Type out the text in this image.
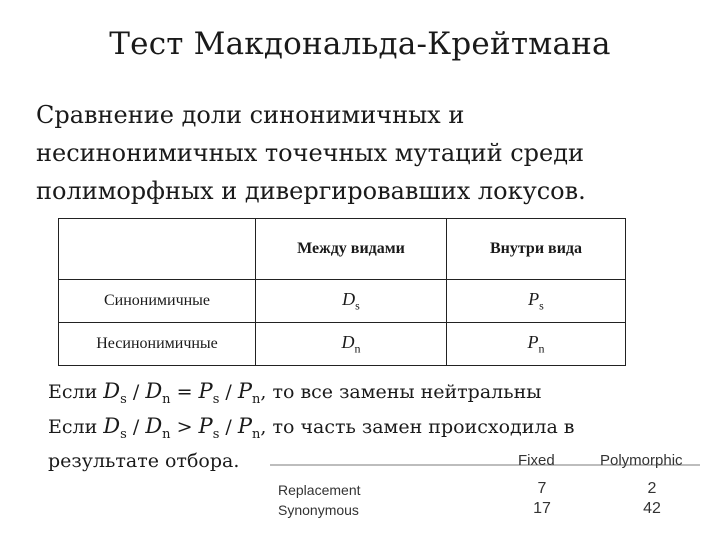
Тест Макдональда-Крейтмана
Сравнение доли синонимичных и
несинонимичных точечных мутаций среди
полиморфных и дивергировавших локусов.
	Между видами	Внутри вида
Синонимичные	$D_s$	$P_s$
Несинонимичные	$D_n$	$P_n$
Если $D_s / D_n = P_s / P_n$, то все замены нейтральны
Если $D_s / D_n > P_s / P_n$, то часть замен происходила в
результате отбора.	Fixed	Polymorphic
Replacement	7	2
Synonymous	17	42
